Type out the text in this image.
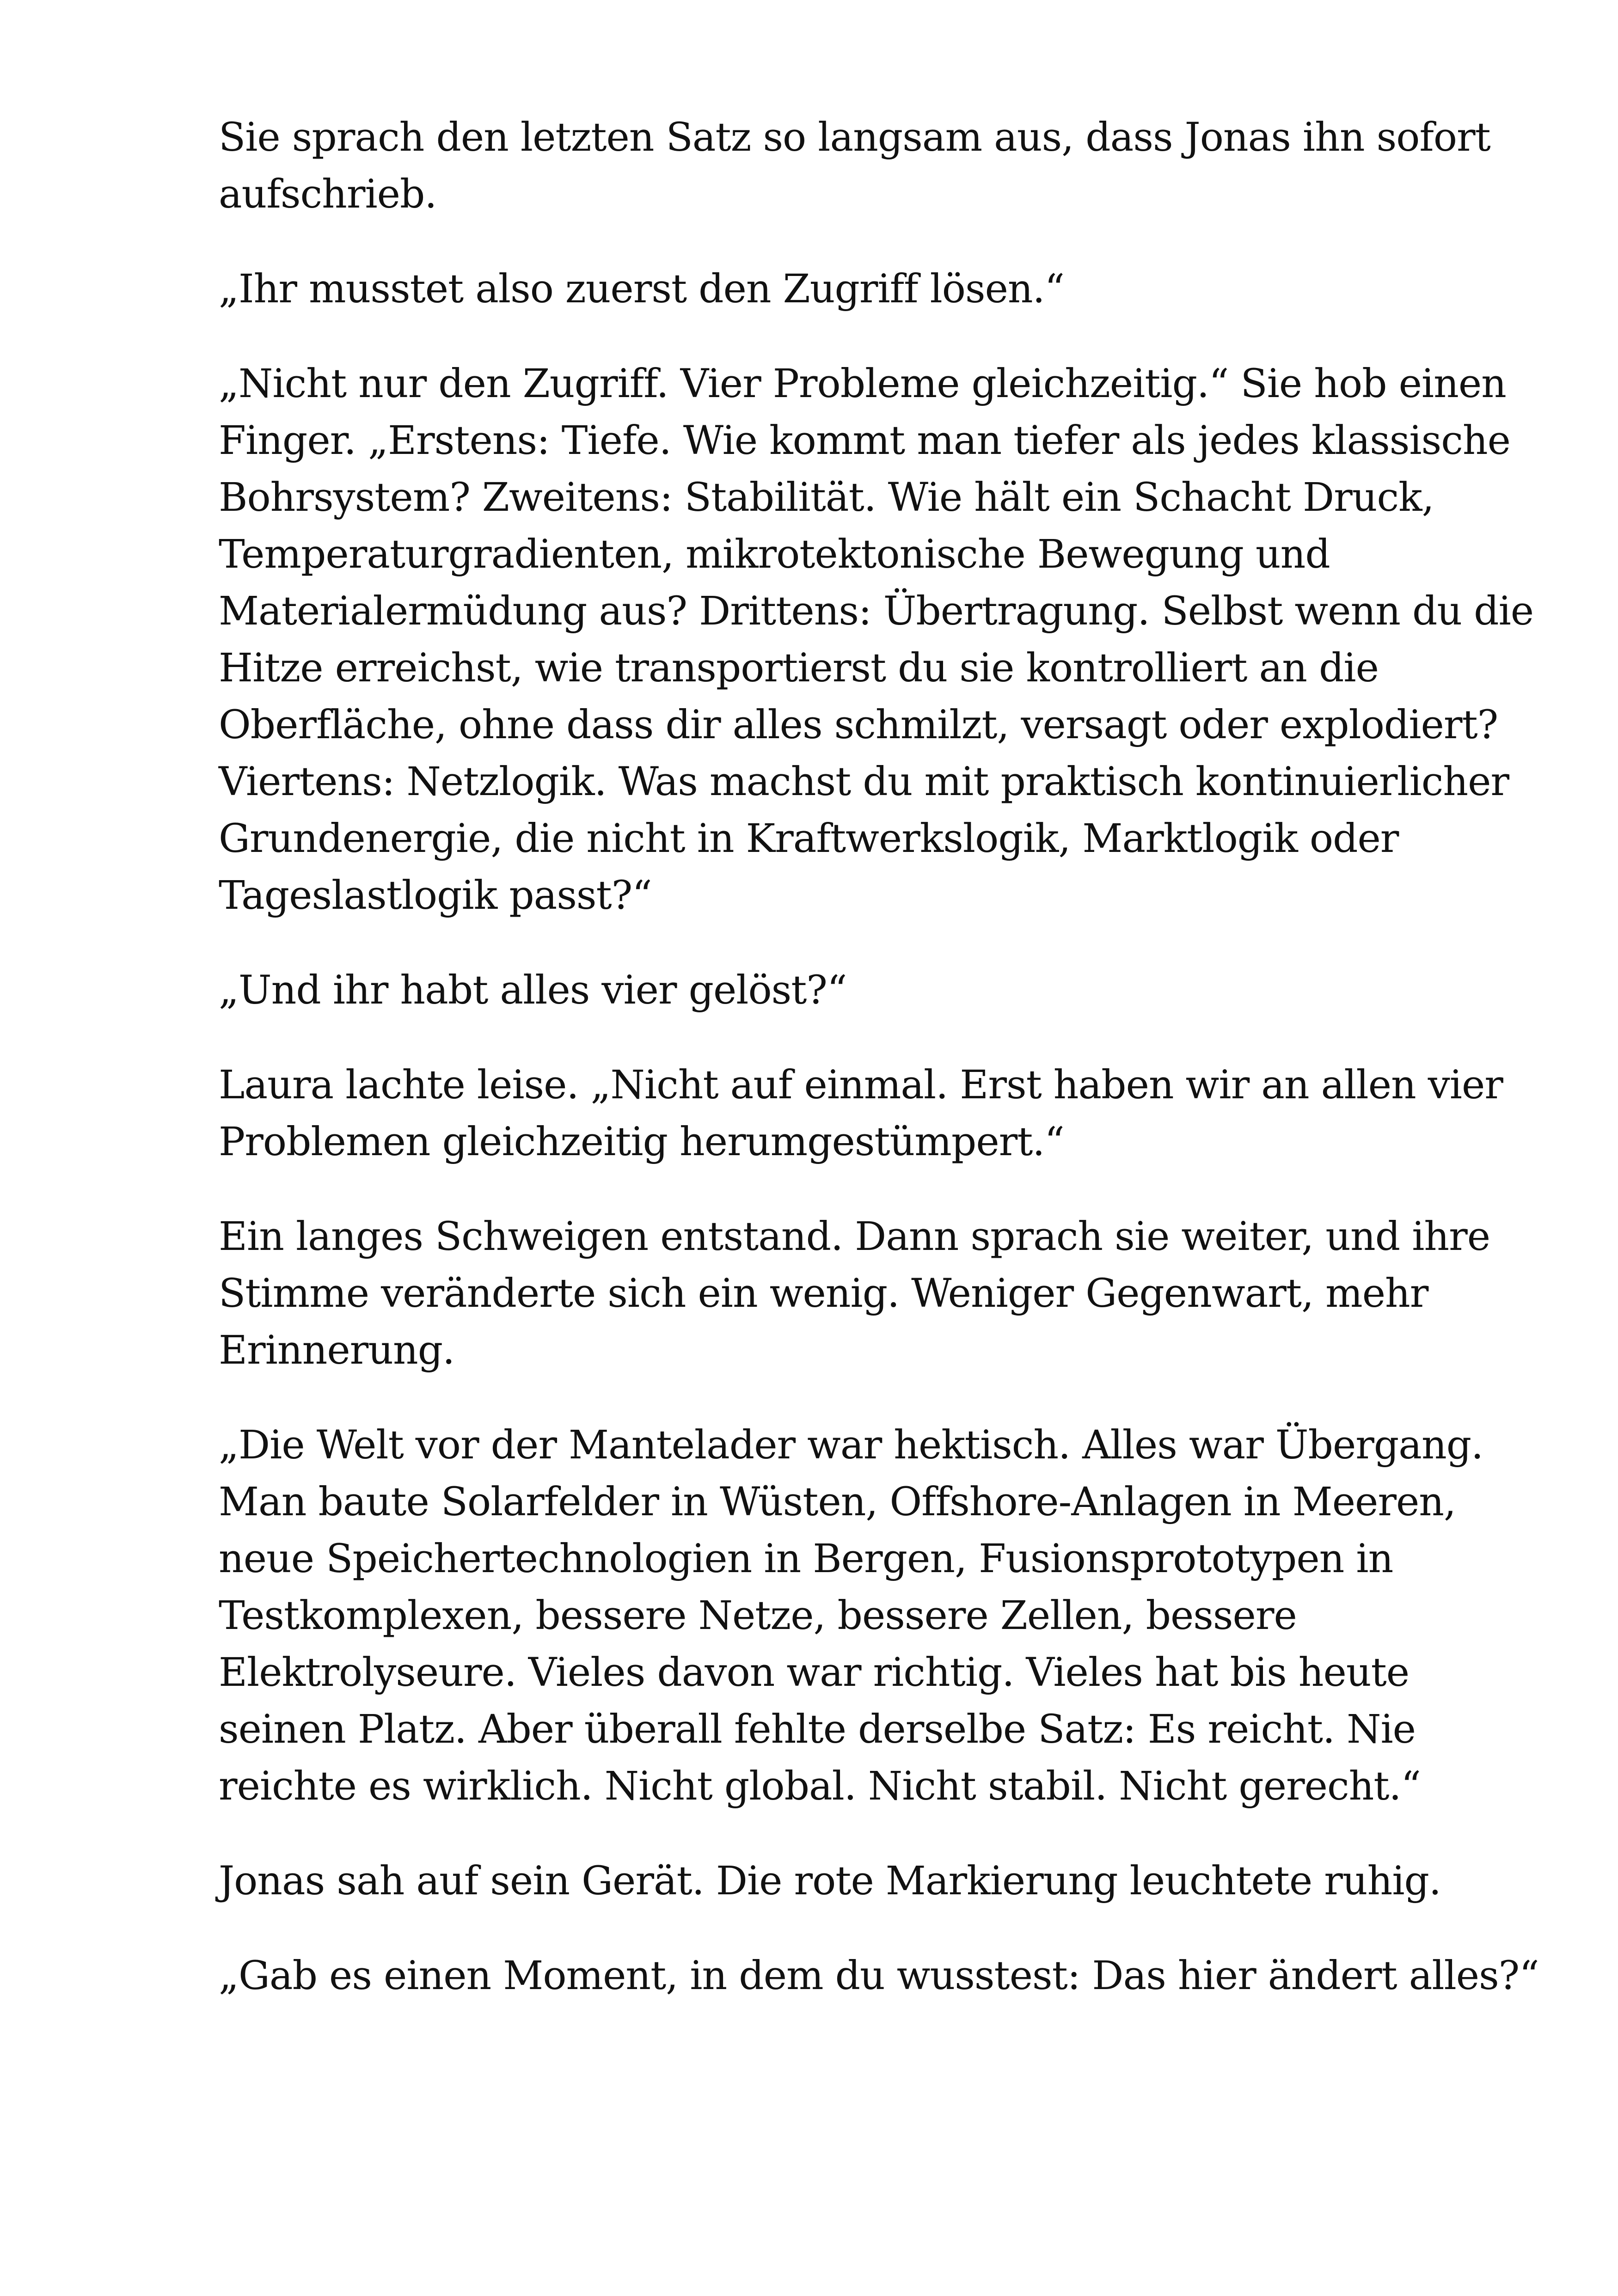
Sie sprach den letzten Satz so langsam aus, dass Jonas ihn sofort aufschrieb.

„Ihr musstet also zuerst den Zugriff lösen.“

„Nicht nur den Zugriff. Vier Probleme gleichzeitig.“ Sie hob einen Finger. „Erstens: Tiefe. Wie kommt man tiefer als jedes klassische Bohrsystem? Zweitens: Stabilität. Wie hält ein Schacht Druck, Temperaturgradienten, mikrotektonische Bewegung und Materialermüdung aus? Drittens: Übertragung. Selbst wenn du die Hitze erreichst, wie transportierst du sie kontrolliert an die Oberfläche, ohne dass dir alles schmilzt, versagt oder explodiert? Viertens: Netzlogik. Was machst du mit praktisch kontinuierlicher Grundenergie, die nicht in Kraftwerkslogik, Marktlogik oder Tageslastlogik passt?“

„Und ihr habt alles vier gelöst?“

Laura lachte leise. „Nicht auf einmal. Erst haben wir an allen vier Problemen gleichzeitig herumgestümpert.“

Ein langes Schweigen entstand. Dann sprach sie weiter, und ihre Stimme veränderte sich ein wenig. Weniger Gegenwart, mehr Erinnerung.

„Die Welt vor der Mantelader war hektisch. Alles war Übergang. Man baute Solarfelder in Wüsten, Offshore-Anlagen in Meeren, neue Speichertechnologien in Bergen, Fusionsprototypen in Testkomplexen, bessere Netze, bessere Zellen, bessere Elektrolyseure. Vieles davon war richtig. Vieles hat bis heute seinen Platz. Aber überall fehlte derselbe Satz: Es reicht. Nie reichte es wirklich. Nicht global. Nicht stabil. Nicht gerecht.“

Jonas sah auf sein Gerät. Die rote Markierung leuchtete ruhig.

„Gab es einen Moment, in dem du wusstest: Das hier ändert alles?“
